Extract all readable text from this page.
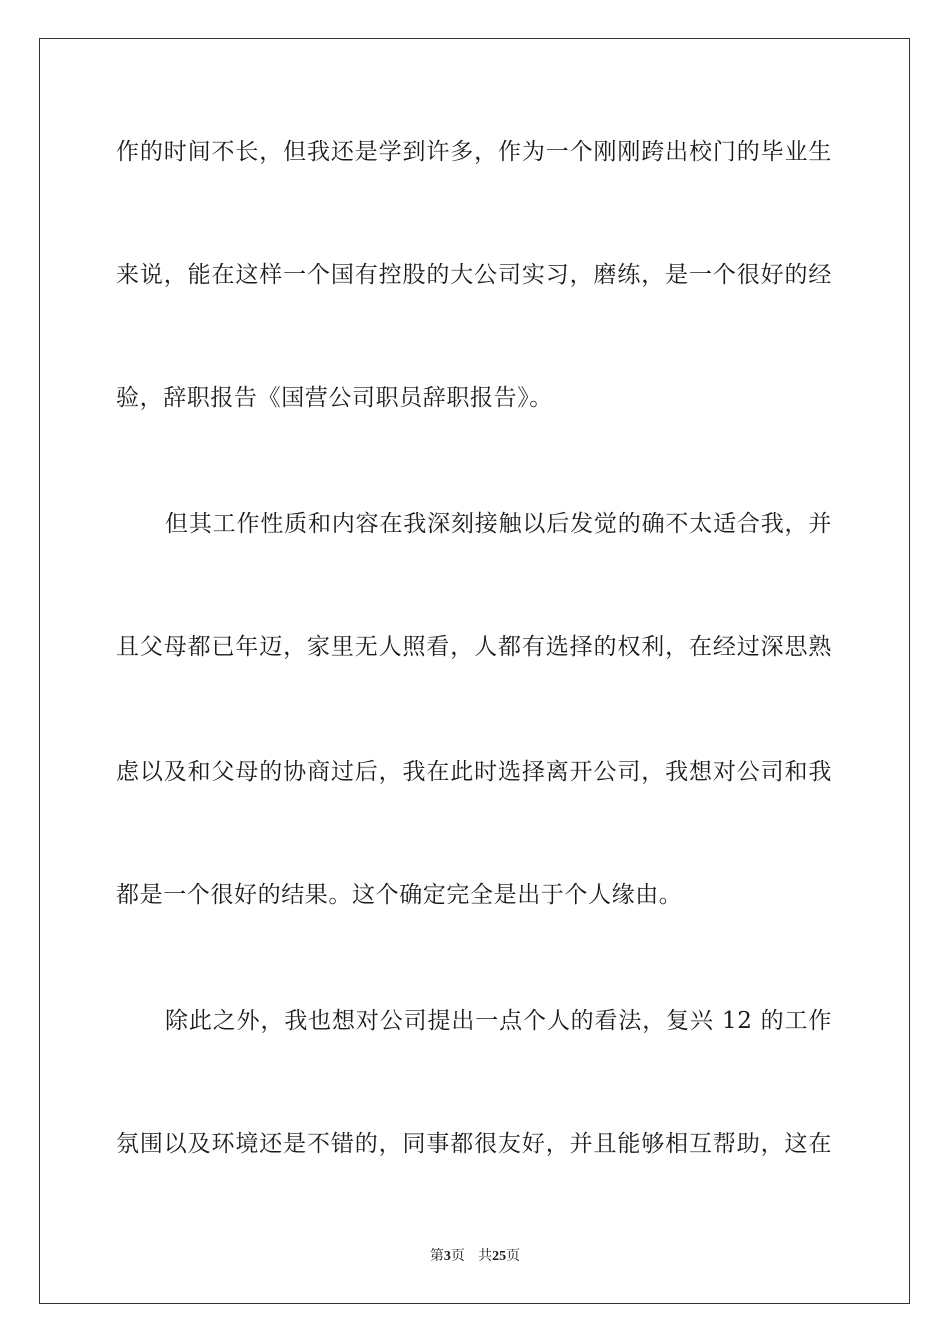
作的时间不长，但我还是学到许多，作为一个刚刚跨出校门的毕业生
来说，能在这样一个国有控股的大公司实习，磨练，是一个很好的经
验，辞职报告《国营公司职员辞职报告》。
但其工作性质和内容在我深刻接触以后发觉的确不太适合我，并
且父母都已年迈，家里无人照看，人都有选择的权利，在经过深思熟
虑以及和父母的协商过后，我在此时选择离开公司，我想对公司和我
都是一个很好的结果。这个确定完全是出于个人缘由。
除此之外，我也想对公司提出一点个人的看法，复兴 12 的工作
氛围以及环境还是不错的，同事都很友好，并且能够相互帮助，这在
第3页 共25页
